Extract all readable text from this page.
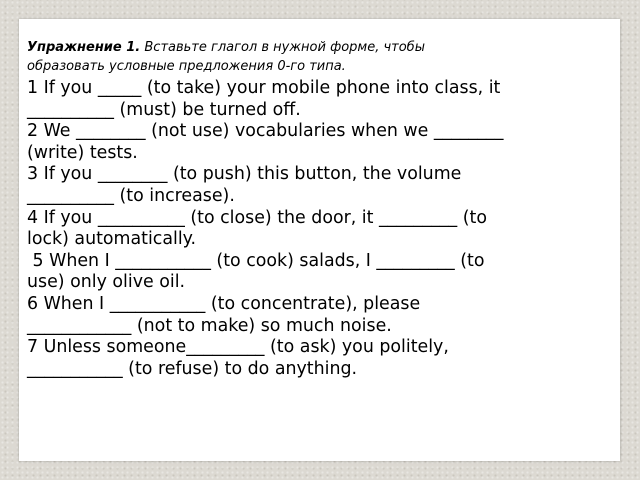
Упражнение 1. Вставьте глагол в нужной форме, чтобы
образовать условные предложения 0-го типа.
1 If you _____ (to take) your mobile phone into class, it
__________ (must) be turned off.
2 We ________ (not use) vocabularies when we ________
(write) tests.
3 If you ________ (to push) this button, the volume
__________ (to increase).
4 If you __________ (to close) the door, it _________ (to
lock) automatically.
5 When I ___________ (to cook) salads, I _________ (to
use) only olive oil.
6 When I ___________ (to concentrate), please
____________ (not to make) so much noise.
7 Unless someone_________ (to ask) you politely,
___________ (to refuse) to do anything.
